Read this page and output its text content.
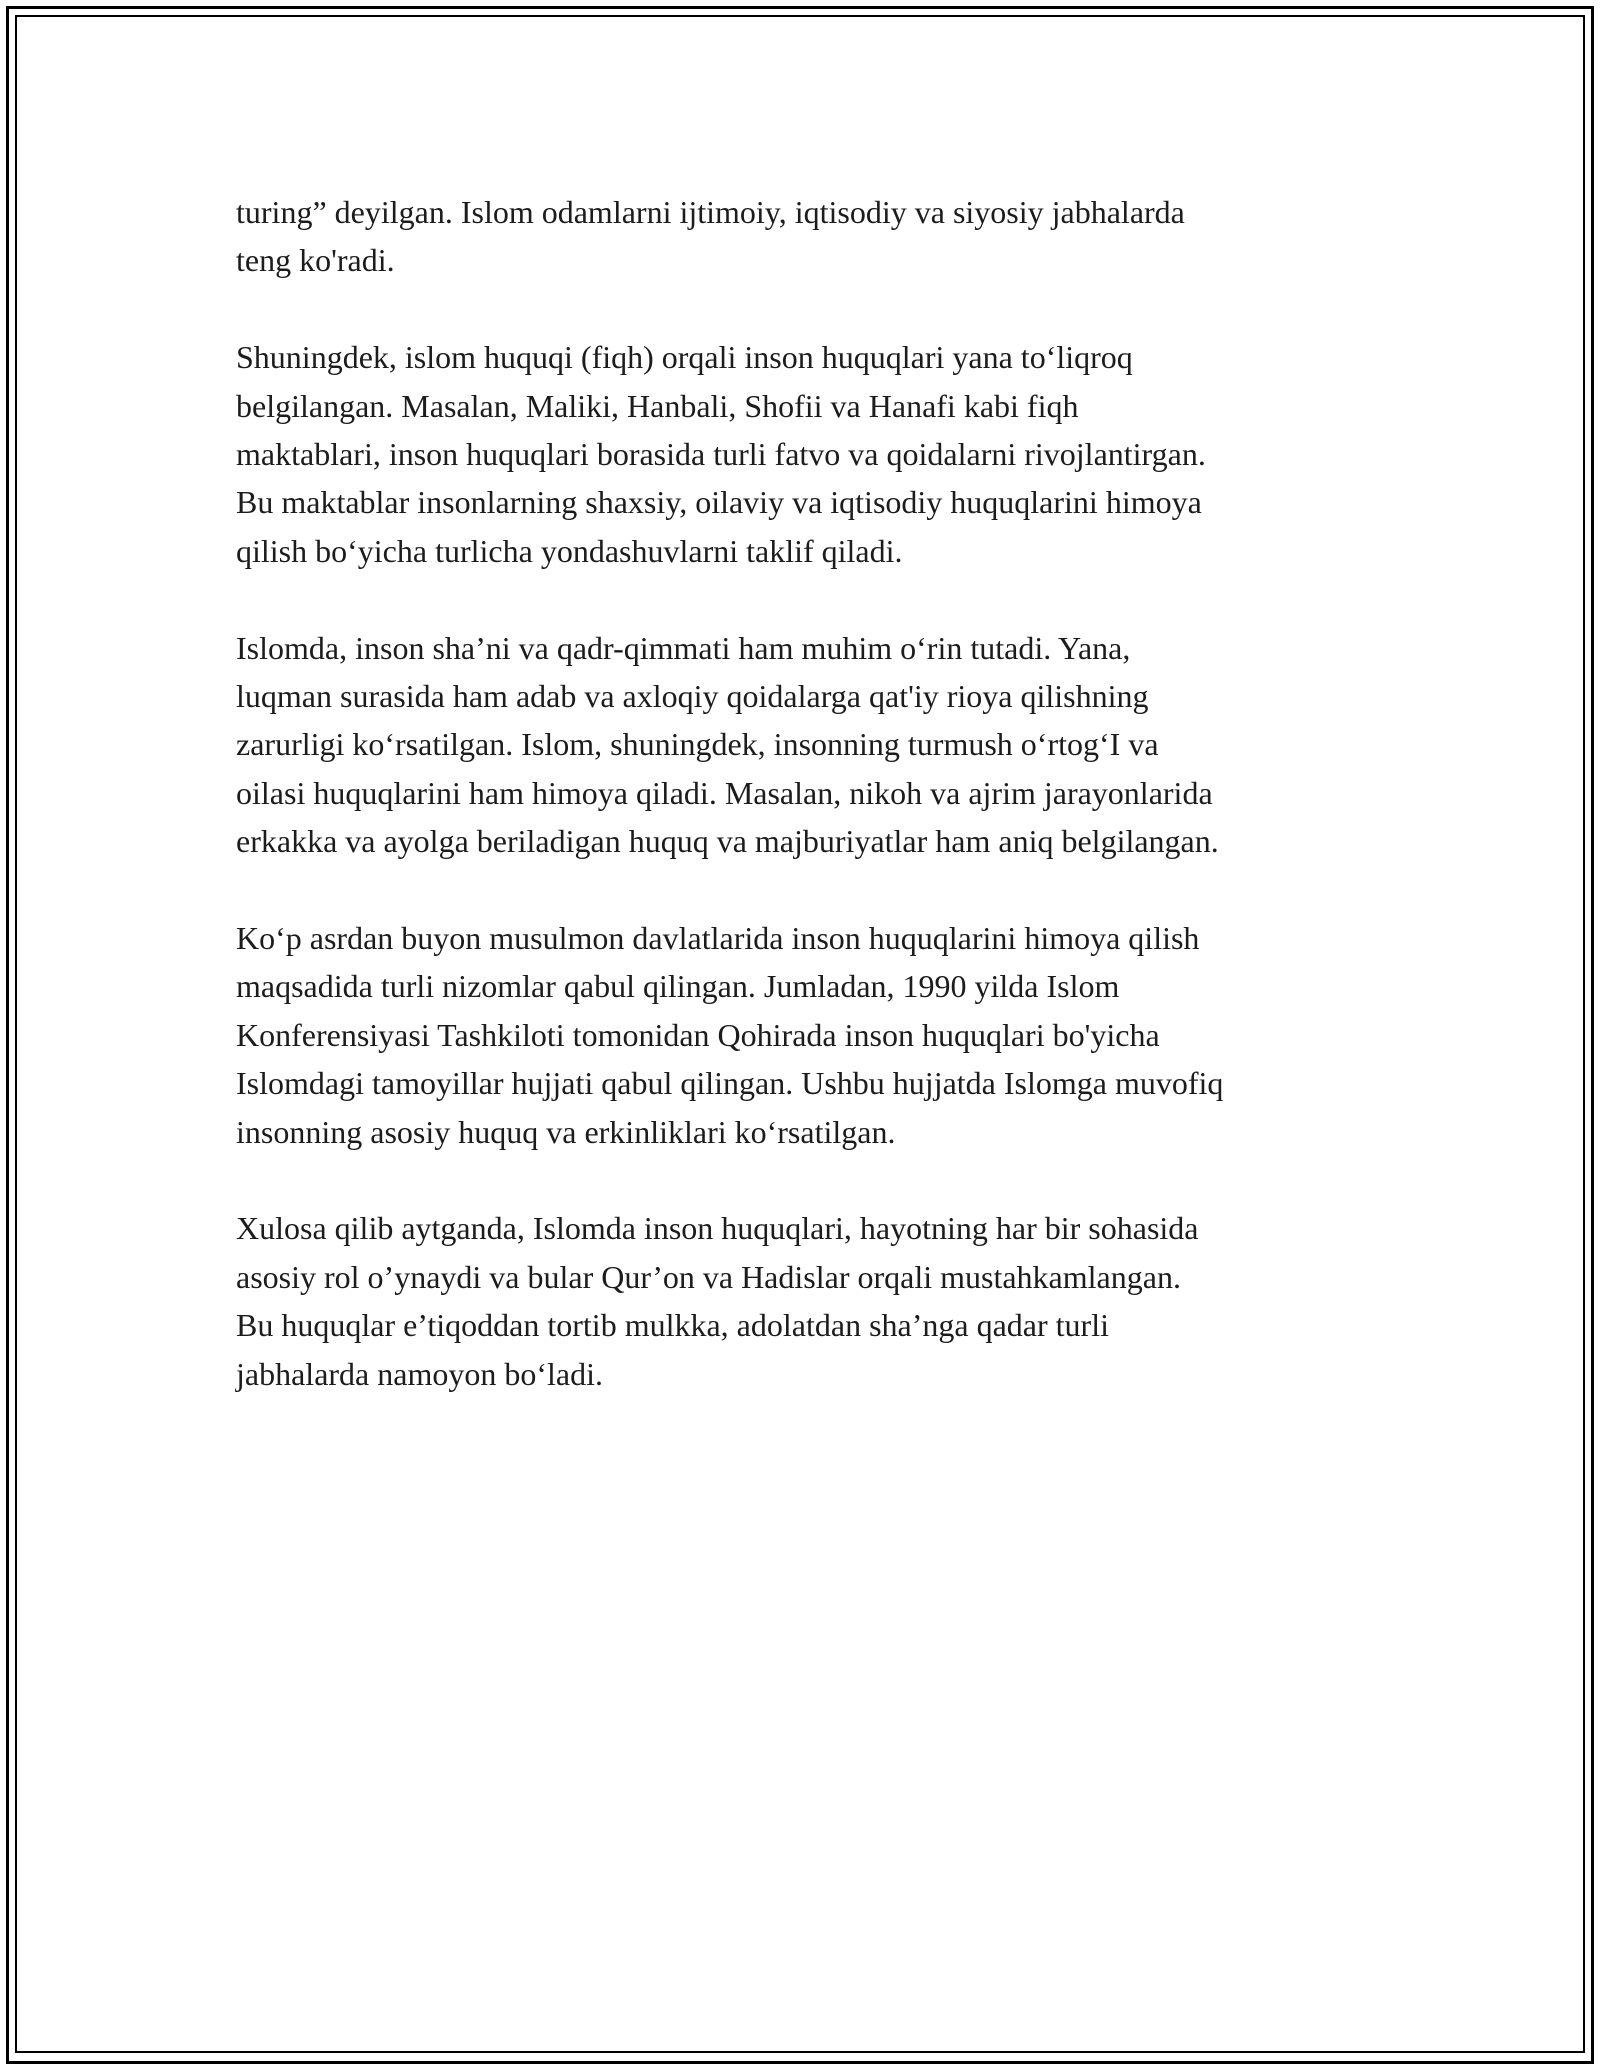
turing” deyilgan. Islom odamlarni ijtimoiy, iqtisodiy va siyosiy jabhalarda
teng ko'radi.

Shuningdek, islom huquqi (fiqh) orqali inson huquqlari yana to‘liqroq
belgilangan. Masalan, Maliki, Hanbali, Shofii va Hanafi kabi fiqh
maktablari, inson huquqlari borasida turli fatvo va qoidalarni rivojlantirgan.
Bu maktablar insonlarning shaxsiy, oilaviy va iqtisodiy huquqlarini himoya
qilish bo‘yicha turlicha yondashuvlarni taklif qiladi.

Islomda, inson sha’ni va qadr-qimmati ham muhim o‘rin tutadi. Yana,
luqman surasida ham adab va axloqiy qoidalarga qat'iy rioya qilishning
zarurligi ko‘rsatilgan. Islom, shuningdek, insonning turmush o‘rtog‘I va
oilasi huquqlarini ham himoya qiladi. Masalan, nikoh va ajrim jarayonlarida
erkakka va ayolga beriladigan huquq va majburiyatlar ham aniq belgilangan.

Ko‘p asrdan buyon musulmon davlatlarida inson huquqlarini himoya qilish
maqsadida turli nizomlar qabul qilingan. Jumladan, 1990 yilda Islom
Konferensiyasi Tashkiloti tomonidan Qohirada inson huquqlari bo'yicha
Islomdagi tamoyillar hujjati qabul qilingan. Ushbu hujjatda Islomga muvofiq
insonning asosiy huquq va erkinliklari ko‘rsatilgan.

Xulosa qilib aytganda, Islomda inson huquqlari, hayotning har bir sohasida
asosiy rol o’ynaydi va bular Qur’on va Hadislar orqali mustahkamlangan.
Bu huquqlar e’tiqoddan tortib mulkka, adolatdan sha’nga qadar turli
jabhalarda namoyon bo‘ladi.
